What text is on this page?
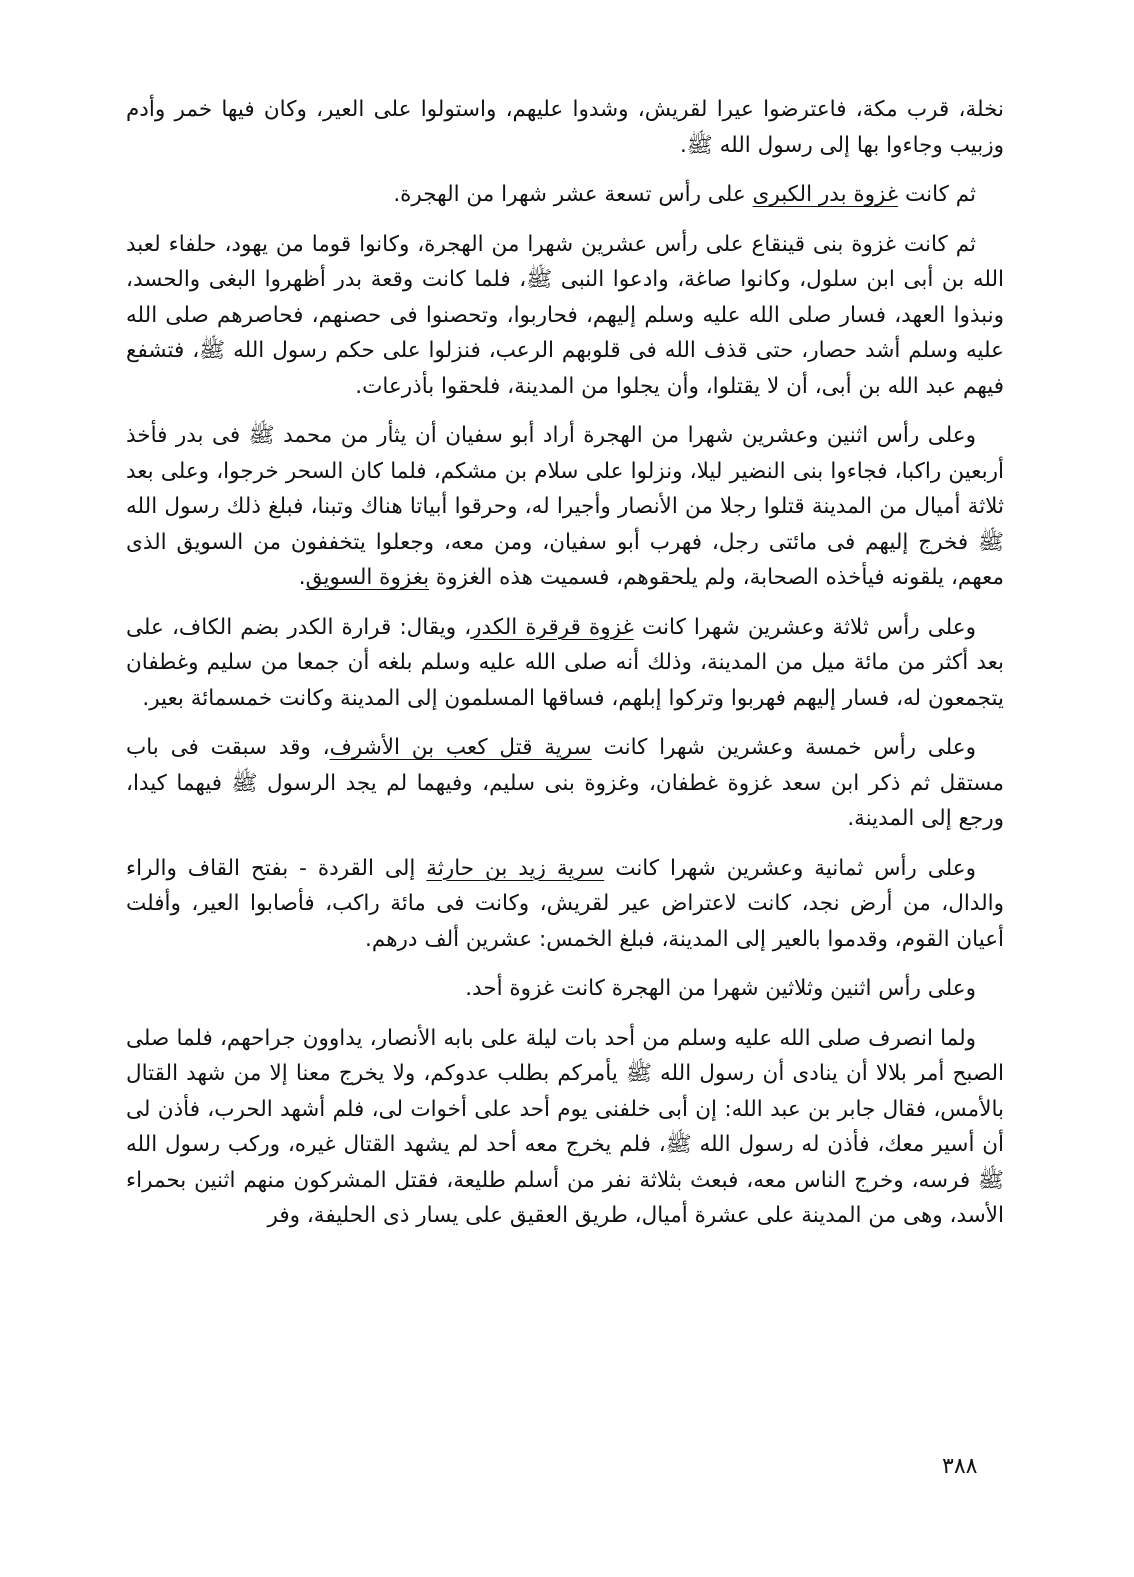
نخلة، قرب مكة، فاعترضوا عيرا لقريش، وشدوا عليهم، واستولوا على العير، وكان فيها خمر وأدم وزبيب وجاءوا بها إلى رسول الله ﷺ.

ثم كانت غزوة بدر الكبرى على رأس تسعة عشر شهرا من الهجرة.

ثم كانت غزوة بنى قينقاع على رأس عشرين شهرا من الهجرة، وكانوا قوما من يهود، حلفاء لعبد الله بن أبى ابن سلول، وكانوا صاغة، وادعوا النبى ﷺ، فلما كانت وقعة بدر أظهروا البغى والحسد، ونبذوا العهد، فسار صلى الله عليه وسلم إليهم، فحاربوا، وتحصنوا فى حصنهم، فحاصرهم صلى الله عليه وسلم أشد حصار، حتى قذف الله فى قلوبهم الرعب، فنزلوا على حكم رسول الله ﷺ، فتشفع فيهم عبد الله بن أبى، أن لا يقتلوا، وأن يجلوا من المدينة، فلحقوا بأذرعات.

وعلى رأس اثنين وعشرين شهرا من الهجرة أراد أبو سفيان أن يثأر من محمد ﷺ فى بدر فأخذ أربعين راكبا، فجاءوا بنى النضير ليلا، ونزلوا على سلام بن مشكم، فلما كان السحر خرجوا، وعلى بعد ثلاثة أميال من المدينة قتلوا رجلا من الأنصار وأجيرا له، وحرقوا أبياتا هناك وتبنا، فبلغ ذلك رسول الله ﷺ فخرج إليهم فى مائتى رجل، فهرب أبو سفيان، ومن معه، وجعلوا يتخففون من السويق الذى معهم، يلقونه فيأخذه الصحابة، ولم يلحقوهم، فسميت هذه الغزوة بغزوة السويق.

وعلى رأس ثلاثة وعشرين شهرا كانت غزوة قرقرة الكدر، ويقال: قرارة الكدر بضم الكاف، على بعد أكثر من مائة ميل من المدينة، وذلك أنه صلى الله عليه وسلم بلغه أن جمعا من سليم وغطفان يتجمعون له، فسار إليهم فهربوا وتركوا إبلهم، فساقها المسلمون إلى المدينة وكانت خمسمائة بعير.

وعلى رأس خمسة وعشرين شهرا كانت سرية قتل كعب بن الأشرف، وقد سبقت فى باب مستقل ثم ذكر ابن سعد غزوة غطفان، وغزوة بنى سليم، وفيهما لم يجد الرسول ﷺ فيهما كيدا، ورجع إلى المدينة.

وعلى رأس ثمانية وعشرين شهرا كانت سرية زيد بن حارثة إلى القردة - بفتح القاف والراء والدال، من أرض نجد، كانت لاعتراض عير لقريش، وكانت فى مائة راكب، فأصابوا العير، وأفلت أعيان القوم، وقدموا بالعير إلى المدينة، فبلغ الخمس: عشرين ألف درهم.

وعلى رأس اثنين وثلاثين شهرا من الهجرة كانت غزوة أحد.

ولما انصرف صلى الله عليه وسلم من أحد بات ليلة على بابه الأنصار، يداوون جراحهم، فلما صلى الصبح أمر بلالا أن ينادى أن رسول الله ﷺ يأمركم بطلب عدوكم، ولا يخرج معنا إلا من شهد القتال بالأمس، فقال جابر بن عبد الله: إن أبى خلفنى يوم أحد على أخوات لى، فلم أشهد الحرب، فأذن لى أن أسير معك، فأذن له رسول الله ﷺ، فلم يخرج معه أحد لم يشهد القتال غيره، وركب رسول الله ﷺ فرسه، وخرج الناس معه، فبعث بثلاثة نفر من أسلم طليعة، فقتل المشركون منهم اثنين بحمراء الأسد، وهى من المدينة على عشرة أميال، طريق العقيق على يسار ذى الحليفة، وفر

٣٨٨
